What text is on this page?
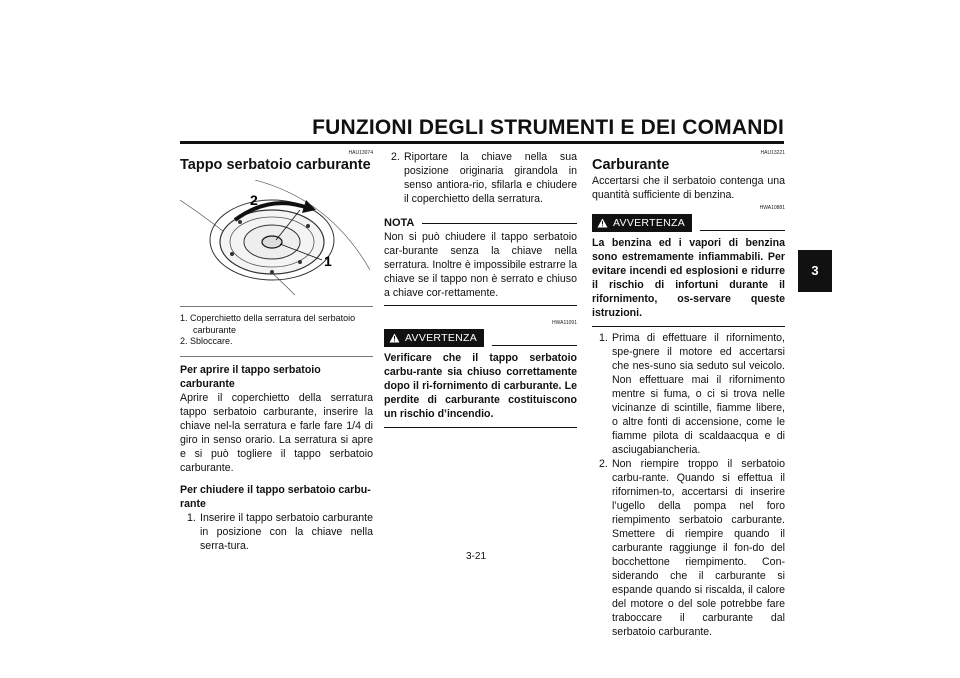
FUNZIONI DEGLI STRUMENTI E DEI COMANDI
3
HAU13074
Tappo serbatoio carburante
2
1
1. Coperchietto della serratura del serbatoio carburante
2. Sbloccare.
Per aprire il tappo serbatoio carburante

Aprire il coperchietto della serratura tappo serbatoio carburante, inserire la chiave nel-la serratura e farle fare 1/4 di giro in senso orario. La serratura si apre e si può togliere il tappo serbatoio carburante.

Per chiudere il tappo serbatoio carbu-rante
1. Inserire il tappo serbatoio carburante in posizione con la chiave nella serra-tura.
2. Riportare la chiave nella sua posizione originaria girandola in senso antiora-rio, sfilarla e chiudere il coperchietto della serratura.
NOTA

Non si può chiudere il tappo serbatoio car-burante senza la chiave nella serratura. Inoltre è impossibile estrarre la chiave se il tappo non è serrato e chiuso a chiave cor-rettamente.

HWA11091
AVVERTENZA
Verificare che il tappo serbatoio carbu-rante sia chiuso correttamente dopo il ri-fornimento di carburante. Le perdite di carburante costituiscono un rischio d’incendio.
HAU13221
Carburante

Accertarsi che il serbatoio contenga una quantità sufficiente di benzina.

HWA10881
AVVERTENZA
La benzina ed i vapori di benzina sono estremamente infiammabili. Per evitare incendi ed esplosioni e ridurre il rischio di infortuni durante il rifornimento, os-servare queste istruzioni.
1. Prima di effettuare il rifornimento, spe-gnere il motore ed accertarsi che nes-suno sia seduto sul veicolo. Non effettuare mai il rifornimento mentre si fuma, o ci si trova nelle vicinanze di scintille, fiamme libere, o altre fonti di accensione, come le fiamme pilota di scaldaacqua e di asciugabiancheria.
2. Non riempire troppo il serbatoio carbu-rante. Quando si effettua il rifornimen-to, accertarsi di inserire l’ugello della pompa nel foro riempimento serbatoio carburante. Smettere di riempire quando il carburante raggiunge il fon-do del bocchettone riempimento. Con-siderando che il carburante si espande quando si riscalda, il calore del motore o del sole potrebbe fare traboccare il carburante dal serbatoio carburante.
3-21
